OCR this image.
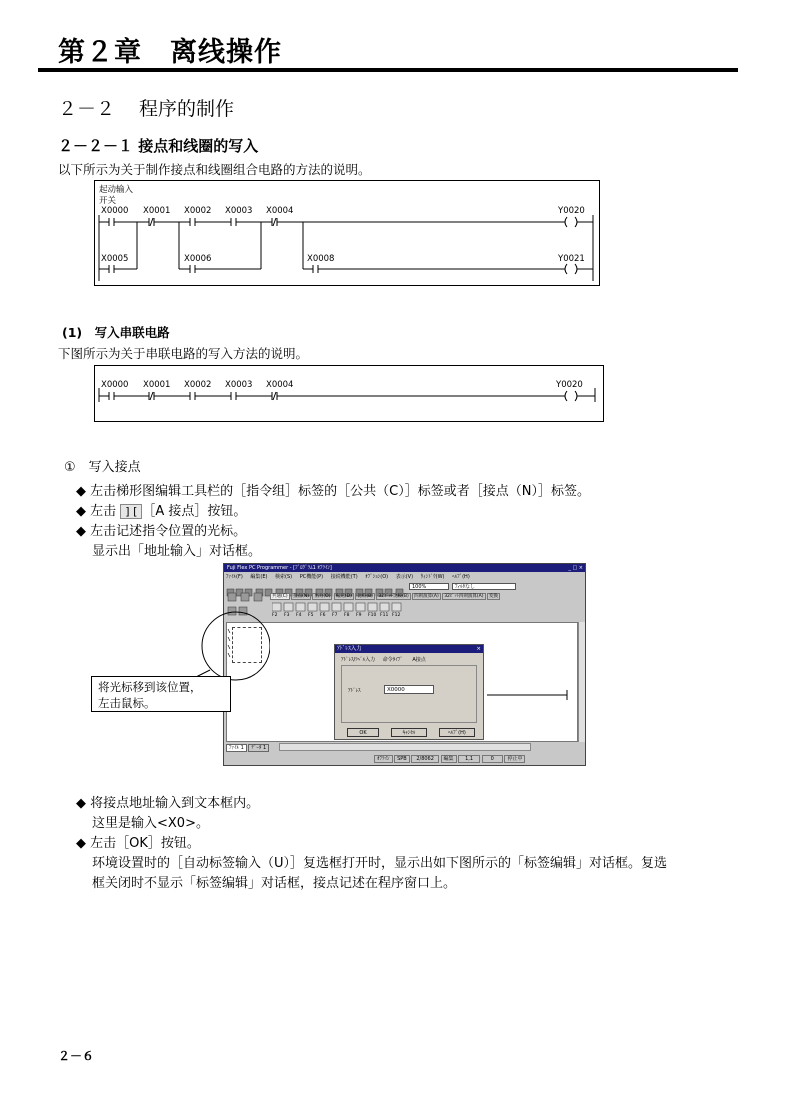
第２章 离线操作
２－２ 程序的制作
２－２－１ 接点和线圈的写入
以下所示为关于制作接点和线圈组合电路的方法的说明。
起动输入
开关
X0000 X0001 X0002 X0003 X0004	Y0020
X0005	X0006	X0008	Y0021
(1)　写入串联电路
下图所示为关于串联电路的写入方法的说明。
X0000 X0001 X0002 X0003 X0004	Y0020
①　写入接点
◆ 左击梯形图编辑工具栏的［指令组］标签的［公共（C）］标签或者［接点（N）］标签。
◆ 左击 ] [ ［A 接点］按钮。
◆ 左击记述指令位置的光标。
显示出「地址输入」对话框。
Fuji Flex PC Programmer - [ﾌﾟﾛｸﾞﾗﾑ1 ｵﾌﾗｲﾝ]	_ □ ×
ﾌｧｲﾙ(F) 編集(E) 検索(S) PC機能(P) 接続機能(T) ｵﾌﾟｼｮﾝ(O) 表示(V) ｳｨﾝﾄﾞｳ(W) ﾍﾙﾌﾟ(H)
100%	ﾌｨﾙﾀなし
共通(C) 接点(N) 出力(O) 転送(D) 比較(B) 32ﾋﾞｯﾄ比較(B) 四則演算(A) 32ﾋﾞｯﾄ四則演算(A) 変換
F2 F3 F4 F5 F6 F7 F8 F9 F10 F11 F12
ﾌｧｲﾙ 1 ﾃﾞｰﾀ 1
ｵﾌﾗｲﾝ SPB 2/8062 編集 1,1	0	停止中
ｱﾄﾞﾚｽ入力	×
ｱﾄﾞﾚｽ/ﾗﾍﾞﾙ入力 命令ﾀｲﾌﾟ A接点
ｱﾄﾞﾚｽ	X0000
OK	ｷｬﾝｾﾙ	ﾍﾙﾌﾟ(H)
将光标移到该位置，
左击鼠标。
◆ 将接点地址输入到文本框内。
这里是输入<X0>。
◆ 左击［OK］按钮。
环境设置时的［自动标签输入（U）］复选框打开时，显示出如下图所示的「标签编辑」对话框。复选
框关闭时不显示「标签编辑」对话框，接点记述在程序窗口上。
２－６
